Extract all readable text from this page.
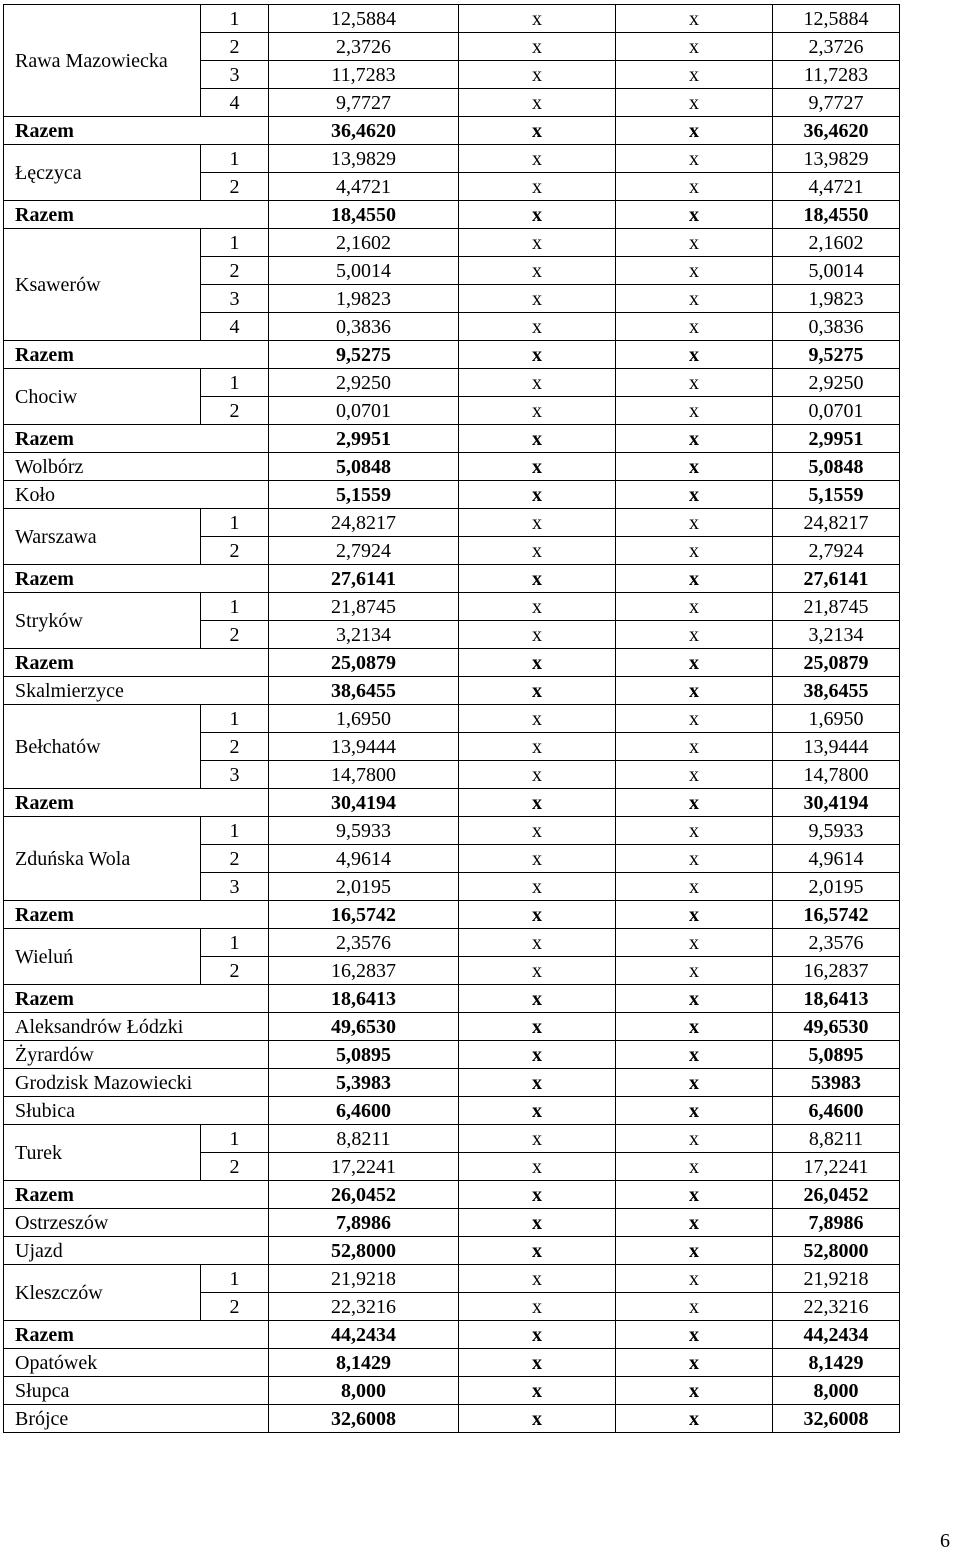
Rawa Mazowiecka	1	12,5884	x	x	12,5884
	2	2,3726	x	x	2,3726
	3	11,7283	x	x	11,7283
	4	9,7727	x	x	9,7727
Razem		36,4620	x	x	36,4620
Łęczyca	1	13,9829	x	x	13,9829
	2	4,4721	x	x	4,4721
Razem		18,4550	x	x	18,4550
Ksawerów	1	2,1602	x	x	2,1602
	2	5,0014	x	x	5,0014
	3	1,9823	x	x	1,9823
	4	0,3836	x	x	0,3836
Razem		9,5275	x	x	9,5275
Chociw	1	2,9250	x	x	2,9250
	2	0,0701	x	x	0,0701
Razem		2,9951	x	x	2,9951
Wolbórz		5,0848	x	x	5,0848
Koło		5,1559	x	x	5,1559
Warszawa	1	24,8217	x	x	24,8217
	2	2,7924	x	x	2,7924
Razem		27,6141	x	x	27,6141
Stryków	1	21,8745	x	x	21,8745
	2	3,2134	x	x	3,2134
Razem		25,0879	x	x	25,0879
Skalmierzyce		38,6455	x	x	38,6455
Bełchatów	1	1,6950	x	x	1,6950
	2	13,9444	x	x	13,9444
	3	14,7800	x	x	14,7800
Razem		30,4194	x	x	30,4194
Zduńska Wola	1	9,5933	x	x	9,5933
	2	4,9614	x	x	4,9614
	3	2,0195	x	x	2,0195
Razem		16,5742	x	x	16,5742
Wieluń	1	2,3576	x	x	2,3576
	2	16,2837	x	x	16,2837
Razem		18,6413	x	x	18,6413
Aleksandrów Łódzki		49,6530	x	x	49,6530
Żyrardów		5,0895	x	x	5,0895
Grodzisk Mazowiecki		5,3983	x	x	53983
Słubica		6,4600	x	x	6,4600
Turek	1	8,8211	x	x	8,8211
	2	17,2241	x	x	17,2241
Razem		26,0452	x	x	26,0452
Ostrzeszów		7,8986	x	x	7,8986
Ujazd		52,8000	x	x	52,8000
Kleszczów	1	21,9218	x	x	21,9218
	2	22,3216	x	x	22,3216
Razem		44,2434	x	x	44,2434
Opatówek		8,1429	x	x	8,1429
Słupca		8,000	x	x	8,000
Brójce		32,6008	x	x	32,6008
6
